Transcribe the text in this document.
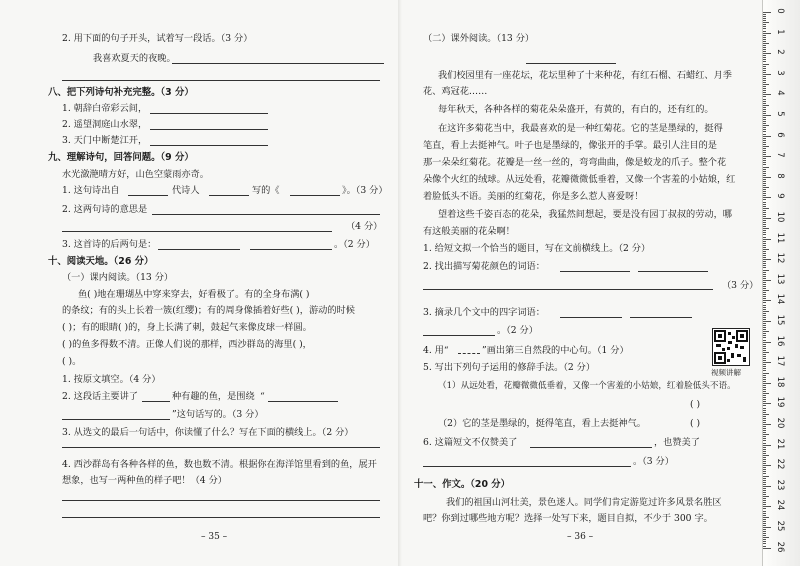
2. 用下面的句子开头，试着写一段话。（3 分）
我喜欢夏天的夜晚。
八、把下列诗句补充完整。（3 分）
1. 朝辞白帝彩云间，
2. 遥望洞庭山水翠，
3. 天门中断楚江开，
九、理解诗句，回答问题。（9 分）
水光潋滟晴方好，山色空蒙雨亦奇。
1. 这句诗出自	代诗人	写的《	》。（3 分）
2. 这两句诗的意思是
（4 分）
3. 这首诗的后两句是：	。（2 分）
十、阅读天地。（26 分）
（一）课内阅读。（13 分）
鱼( )地在珊瑚丛中穿来穿去，好看极了。有的全身布满( )
的条纹；有的头上长着一簇(红缨)；有的周身像插着好些( )，游动的时候
( )；有的眼睛( )的，身上长满了刺，鼓起气来像皮球一样圆。
( )的鱼多得数不清。正像人们说的那样，西沙群岛的海里( )，
( )。
1. 按原文填空。（4 分）
2. 这段话主要讲了	种有趣的鱼，是围绕 “
”这句话写的。（3 分）
3. 从选文的最后一句话中，你读懂了什么？写在下面的横线上。（2 分）
4. 西沙群岛有各种各样的鱼，数也数不清。根据你在海洋馆里看到的鱼，展开
想象，也写一两种鱼的样子吧！（4 分）
– 35 –
（二）课外阅读。（13 分）
我们校园里有一座花坛，花坛里种了十来种花，有红石榴、石蜡红、月季
花、鸡冠花……
每年秋天，各种各样的菊花朵朵盛开，有黄的，有白的，还有红的。
在这许多菊花当中，我最喜欢的是一种红菊花。它的茎是墨绿的，挺得
笔直，看上去挺神气。叶子也是墨绿的，像张开的手掌。最引人注目的是
那一朵朵红菊花。花瓣是一丝一丝的，弯弯曲曲，像是蛟龙的爪子。整个花
朵像个火红的绒球。从远处看，花瓣微微低垂着，又像一个害羞的小姑娘，红
着脸低头不语。美丽的红菊花，你是多么惹人喜爱呀！
望着这些千姿百态的花朵，我猛然间想起，要是没有园丁叔叔的劳动，哪
有这般美丽的花朵啊！
1. 给短文拟一个恰当的题目，写在文前横线上。（2 分）
2. 找出描写菊花颜色的词语：
（3 分）
3. 摘录几个文中的四字词语：
。（2 分）
4. 用“	”画出第三自然段的中心句。（1 分）
5. 写出下列句子运用的修辞手法。（2 分）
（1）从远处看，花瓣微微低垂着，又像一个害羞的小姑娘，红着脸低头不语。
( )
（2）它的茎是墨绿的，挺得笔直，看上去挺神气。	( )
6. 这篇短文不仅赞美了	，也赞美了
。（3 分）
视频讲解
十一、作文。（20 分）
我们的祖国山河壮美，景色迷人。同学们肯定游览过许多风景名胜区
吧？你到过哪些地方呢？选择一处写下来，题目自拟，不少于 300 字。
– 36 –
0
1
2
3
4
5
6
7
8
9
10
11
12
13
14
15
16
17
18
19
20
21
22
23
24
25
26
